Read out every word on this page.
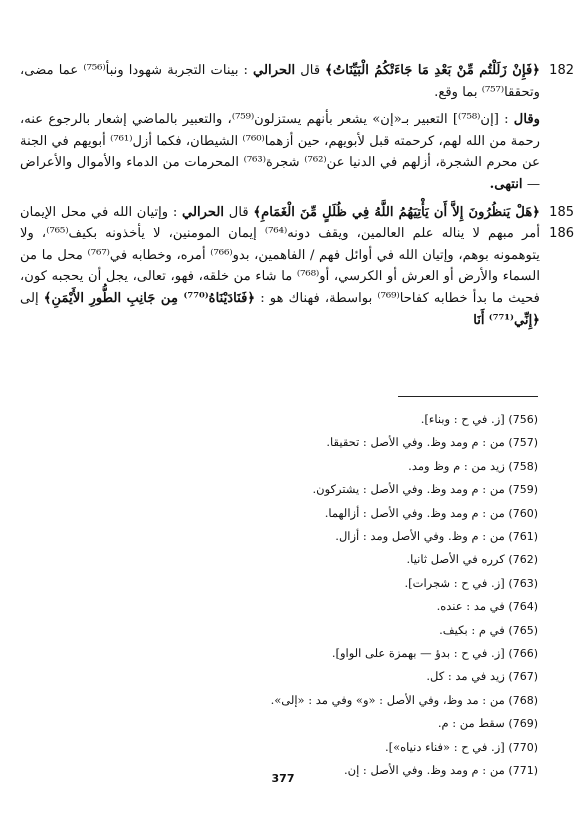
182
﴿فَإِنْ زَلَلْتُم مِّنْ بَعْدِ مَا جَاءَتْكُمُ الْبَيِّنَاتُ﴾ قال الحرالي : بينات التجربة شهودا ونبأ⁽⁷⁵⁶⁾ عما مضى، وتحققا⁽⁷⁵⁷⁾ بما وقع.

وقال : [إن⁽⁷⁵⁸⁾] التعبير بـ«إن» يشعر بأنهم يستزلون⁽⁷⁵⁹⁾، والتعبير بالماضي إشعار بالرجوع عنه، رحمة من الله لهم، كرحمته قبل لأبويهم، حين أزهما⁽⁷⁶⁰⁾ الشيطان، فكما أزل⁽⁷⁶¹⁾ أبويهم في الجنة عن محرم الشجرة، أزلهم في الدنيا عن⁽⁷⁶²⁾ شجرة⁽⁷⁶³⁾ المحرمات من الدماء والأموال والأعراض — انتهى.

185
186
﴿هَلْ يَنظُرُونَ إِلاَّ أَن يَأْتِيَهُمُ اللَّهُ فِي ظُلَلٍ مِّنَ الْغَمَامِ﴾ قال الحرالي : وإتيان الله في محل الإيمان أمر مبهم لا يناله علم العالمين، ويقف دونه⁽⁷⁶⁴⁾ إيمان المومنين، لا يأخذونه بكيف⁽⁷⁶⁵⁾، ولا يتوهمونه بوهم، وإتيان الله في أوائل فهم / الفاهمين، بدو⁽⁷⁶⁶⁾ أمره، وخطابه في⁽⁷⁶⁷⁾ محل ما من السماء والأرض أو العرش أو الكرسي، أو⁽⁷⁶⁸⁾ ما شاء من خلقه، فهو، تعالى، يجل أن يحجبه كون، فحيث ما بدأ خطابه كفاحا⁽⁷⁶⁹⁾ بواسطة، فهناك هو : ﴿فَنَادَيْنَاهُ⁽⁷⁷⁰⁾ مِن جَانِبِ الطُّورِ الأَيْمَنِ﴾ إلى ﴿إِنِّي⁽⁷⁷¹⁾ أَنَا

(756) [ز. في ح : وبناء].
(757) من : م ومد وظ. وفي الأصل : تحقيقا.
(758) زيد من : م وظ ومد.
(759) من : م ومد وظ. وفي الأصل : يشتركون.
(760) من : م ومد وظ. وفي الأصل : أزالهما.
(761) من : م وظ. وفي الأصل ومد : أزال.
(762) كرره في الأصل ثانيا.
(763) [ز. في ح : شجرات].
(764) في مد : عنده.
(765) في م : بكيف.
(766) [ز. في ح : بدؤ — بهمزة على الواو].
(767) زيد في مد : كل.
(768) من : مد وظ، وفي الأصل : «و» وفي مد : «إلى».
(769) سقط من : م.
(770) [ز. في ح : «فناء دنياه»].
(771) من : م ومد وظ. وفي الأصل : إن.
377
